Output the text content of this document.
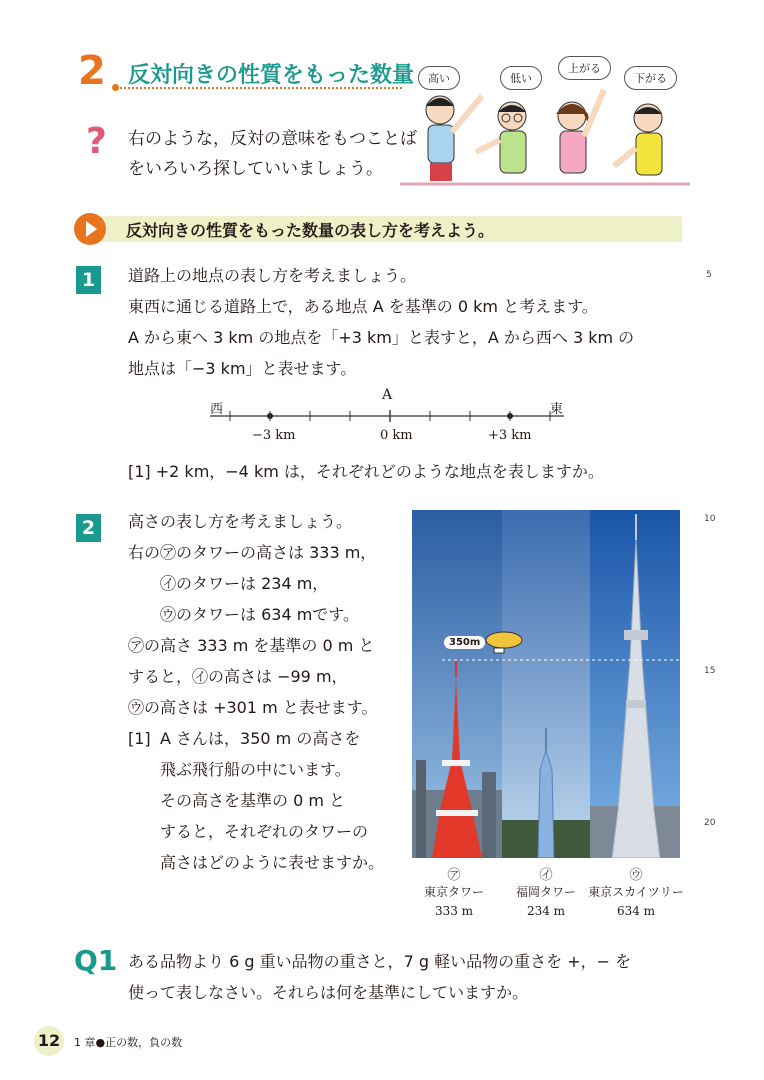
2 反対向きの性質をもった数量
? 右のような，反対の意味をもつことば
をいろいろ探していいましょう。
高い	低い
上がる
下がる
反対向きの性質をもった数量の表し方を考えよう。
1	道路上の地点の表し方を考えましょう。
東西に通じる道路上で，ある地点 A を基準の 0 km と考えます。
A から東へ 3 km の地点を「+3 km」と表すと，A から西へ 3 km の
地点は「−3 km」と表せます。
西	東
A
−3 km	0 km	+3 km
[1] +2 km，−4 km は，それぞれどのような地点を表しますか。
2	高さの表し方を考えましょう。
右の㋐のタワーの高さは 333 m，
㋑のタワーは 234 m，
㋒のタワーは 634 mです。
㋐の高さ 333 m を基準の 0 m と
すると，㋑の高さは −99 m，
㋒の高さは +301 m と表せます。
[1] A さんは，350 m の高さを
飛ぶ飛行船の中にいます。
その高さを基準の 0 m と
すると，それぞれのタワーの
高さはどのように表せますか。
350m
㋐
東京タワー
333 m
㋑
福岡タワー
234 m
㋒
東京スカイツリー
634 m
5
10
15
20
Q1 ある品物より 6 g 重い品物の重さと，7 g 軽い品物の重さを +，− を
使って表しなさい。それらは何を基準にしていますか。
12	1 章●正の数，負の数
